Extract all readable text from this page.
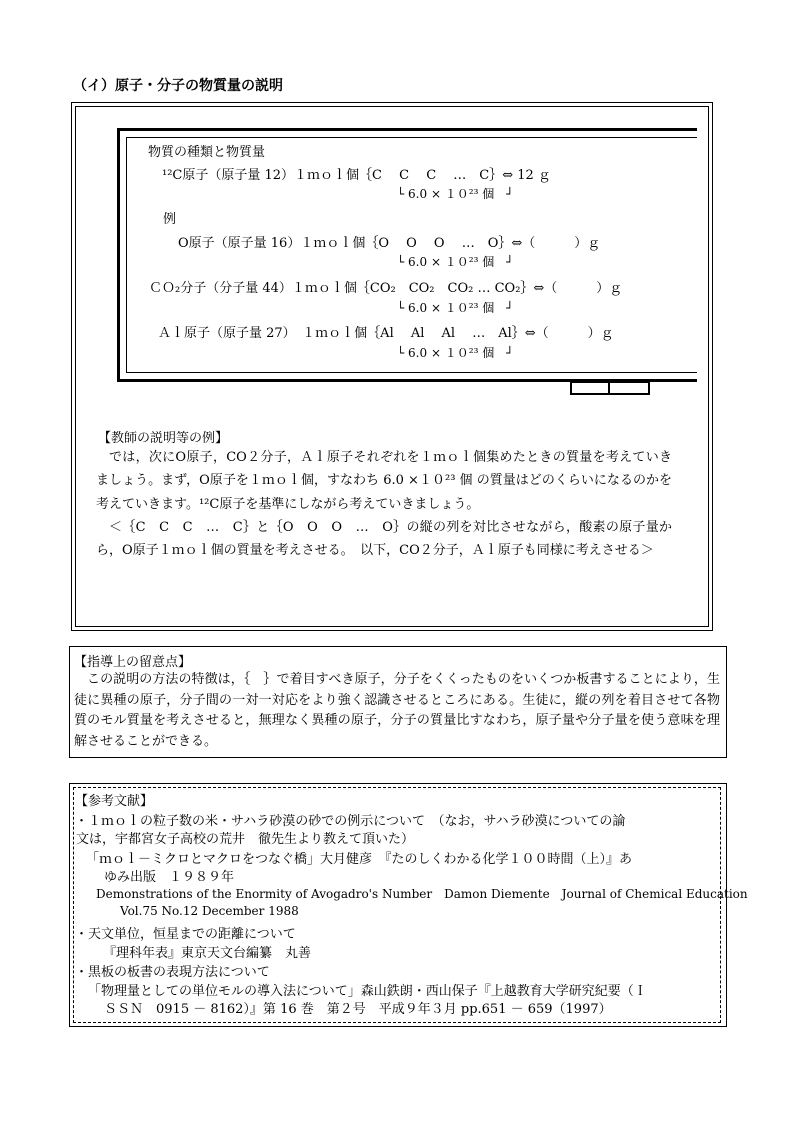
（イ）原子・分子の物質量の説明
物質の種類と物質量
¹²C原子（原子量 12）１ｍｏｌ個｛C　 C　 C　 …　C｝⇔ 12 ｇ
└ 6.0 × １０²³ 個　┘
例
O原子（原子量 16）１ｍｏｌ個｛O　 O　 O　 …　O｝⇔（　　　）ｇ
└ 6.0 × １０²³ 個　┘
ＣＯ₂分子（分子量 44）１ｍｏｌ個｛CO₂　CO₂　CO₂ … CO₂｝⇔（　　　）ｇ
└ 6.0 × １０²³ 個　┘
Ａｌ原子（原子量 27）　１ｍｏｌ個｛Al　 Al　 Al　 …　Al｝⇔（　　　）ｇ
└ 6.0 × １０²³ 個　┘
【教師の説明等の例】

では，次にO原子，CO２分子，Ａｌ原子それぞれを１ｍｏｌ個集めたときの質量を考えていきましょう。まず，O原子を１ｍｏｌ個，すなわち 6.0 ×１０²³ 個 の質量はどのくらいになるのかを考えていきます。¹²C原子を基準にしながら考えていきましょう。

＜｛C　C　C　…　C｝と｛O　O　O　…　O｝の縦の列を対比させながら，酸素の原子量から，O原子１ｍｏｌ個の質量を考えさせる。　以下，CO２分子，Ａｌ原子も同様に考えさせる＞

【指導上の留意点】
この説明の方法の特徴は，｛　｝で着目すべき原子，分子をくくったものをいくつか板書することにより，生徒に異種の原子，分子間の一対一対応をより強く認識させるところにある。生徒に，縦の列を着目させて各物質のモル質量を考えさせると，無理なく異種の原子，分子の質量比すなわち，原子量や分子量を使う意味を理解させることができる。
【参考文献】
・１ｍｏｌの粒子数の米・サハラ砂漠の砂での例示について　（なお，サハラ砂漠についての論
文は，宇都宮女子高校の荒井　徹先生より教えて頂いた）
「ｍｏｌ－ミクロとマクロをつなぐ橋」大月健彦　『たのしくわかる化学１００時間（上）』あ
ゆみ出版　１９８９年
Demonstrations of the Enormity of Avogadro's Number　Damon Diemente　Journal of Chemical Education
Vol.75 No.12 December 1988
・天文単位，恒星までの距離について
『理科年表』東京天文台編纂　丸善
・黒板の板書の表現方法について
「物理量としての単位モルの導入法について」森山鉄朗・西山保子『上越教育大学研究紀要（Ｉ
ＳＳＮ　0915 － 8162）』第 16 巻　第２号　平成９年３月 pp.651 － 659（1997）
